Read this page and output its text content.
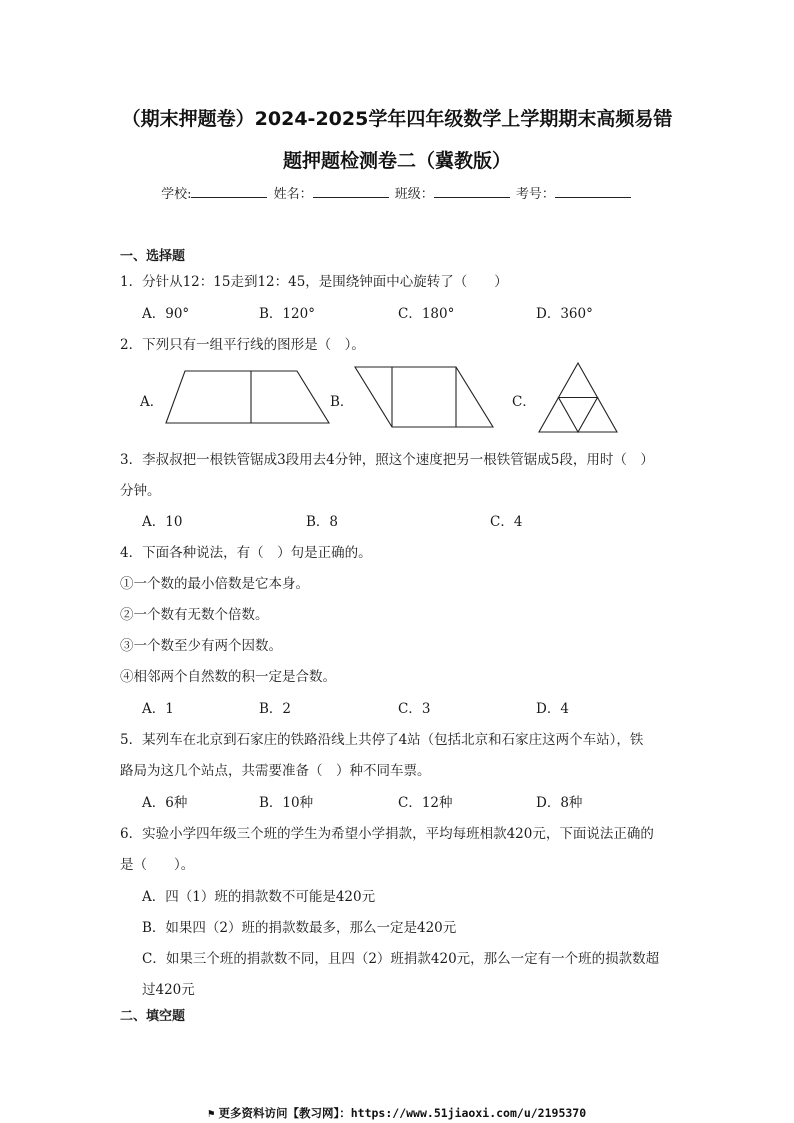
（期末押题卷）2024-2025学年四年级数学上学期期末高频易错
题押题检测卷二（冀教版）
学校:	姓名：	班级：	考号：
一、选择题
1．分针从12：15走到12：45，是围绕钟面中心旋转了（　　）
A．90°	B．120°	C．180°	D．360°
2．下列只有一组平行线的图形是（　）。
A．	B．	C．
3．李叔叔把一根铁管锯成3段用去4分钟，照这个速度把另一根铁管锯成5段，用时（　）
分钟。
A．10	B．8	C．4
4．下面各种说法，有（　）句是正确的。
①一个数的最小倍数是它本身。
②一个数有无数个倍数。
③一个数至少有两个因数。
④相邻两个自然数的积一定是合数。
A．1	B．2	C．3	D．4
5．某列车在北京到石家庄的铁路沿线上共停了4站（包括北京和石家庄这两个车站），铁
路局为这几个站点，共需要准备（　）种不同车票。
A．6种	B．10种	C．12种	D．8种
6．实验小学四年级三个班的学生为希望小学捐款，平均每班相款420元，下面说法正确的
是（　　）。
A．四（1）班的捐款数不可能是420元
B．如果四（2）班的捐款数最多，那么一定是420元
C．如果三个班的捐款数不同，且四（2）班捐款420元，那么一定有一个班的损款数超
过420元
二、填空题
⚑ 更多资料访问【教习网】：https://www.51jiaoxi.com/u/2195370
